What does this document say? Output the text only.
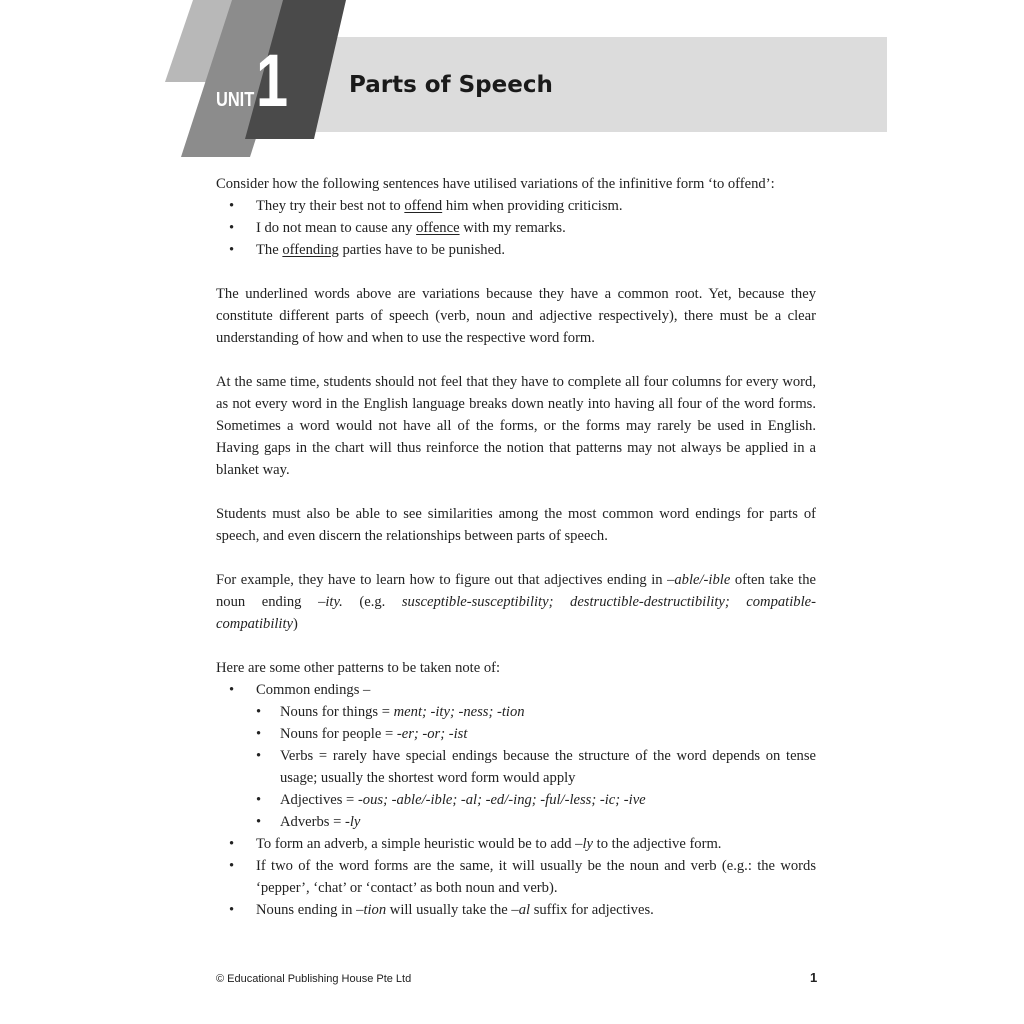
UNIT 1	Parts of Speech

Consider how the following sentences have utilised variations of the infinitive form ‘to offend’:

• They try their best not to offend him when providing criticism.
• I do not mean to cause any offence with my remarks.
• The offending parties have to be punished.

The underlined words above are variations because they have a common root. Yet, because they constitute different parts of speech (verb, noun and adjective respectively), there must be a clear understanding of how and when to use the respective word form.

At the same time, students should not feel that they have to complete all four columns for every word, as not every word in the English language breaks down neatly into having all four of the word forms. Sometimes a word would not have all of the forms, or the forms may rarely be used in English. Having gaps in the chart will thus reinforce the notion that patterns may not always be applied in a blanket way.

Students must also be able to see similarities among the most common word endings for parts of speech, and even discern the relationships between parts of speech.

For example, they have to learn how to figure out that adjectives ending in –able/-ible often take the noun ending –ity. (e.g. susceptible-susceptibility; destructible-destructibility; compatible-compatibility)

Here are some other patterns to be taken note of:

• Common endings –
• Nouns for things = ment; -ity; -ness; -tion
• Nouns for people = -er; -or; -ist
• Verbs = rarely have special endings because the structure of the word depends on tense usage; usually the shortest word form would apply
• Adjectives = -ous; -able/-ible; -al; -ed/-ing; -ful/-less; -ic; -ive
• Adverbs = -ly
• To form an adverb, a simple heuristic would be to add –ly to the adjective form.
• If two of the word forms are the same, it will usually be the noun and verb (e.g.: the words ‘pepper’, ‘chat’ or ‘contact’ as both noun and verb).
• Nouns ending in –tion will usually take the –al suffix for adjectives.
© Educational Publishing House Pte Ltd	1
